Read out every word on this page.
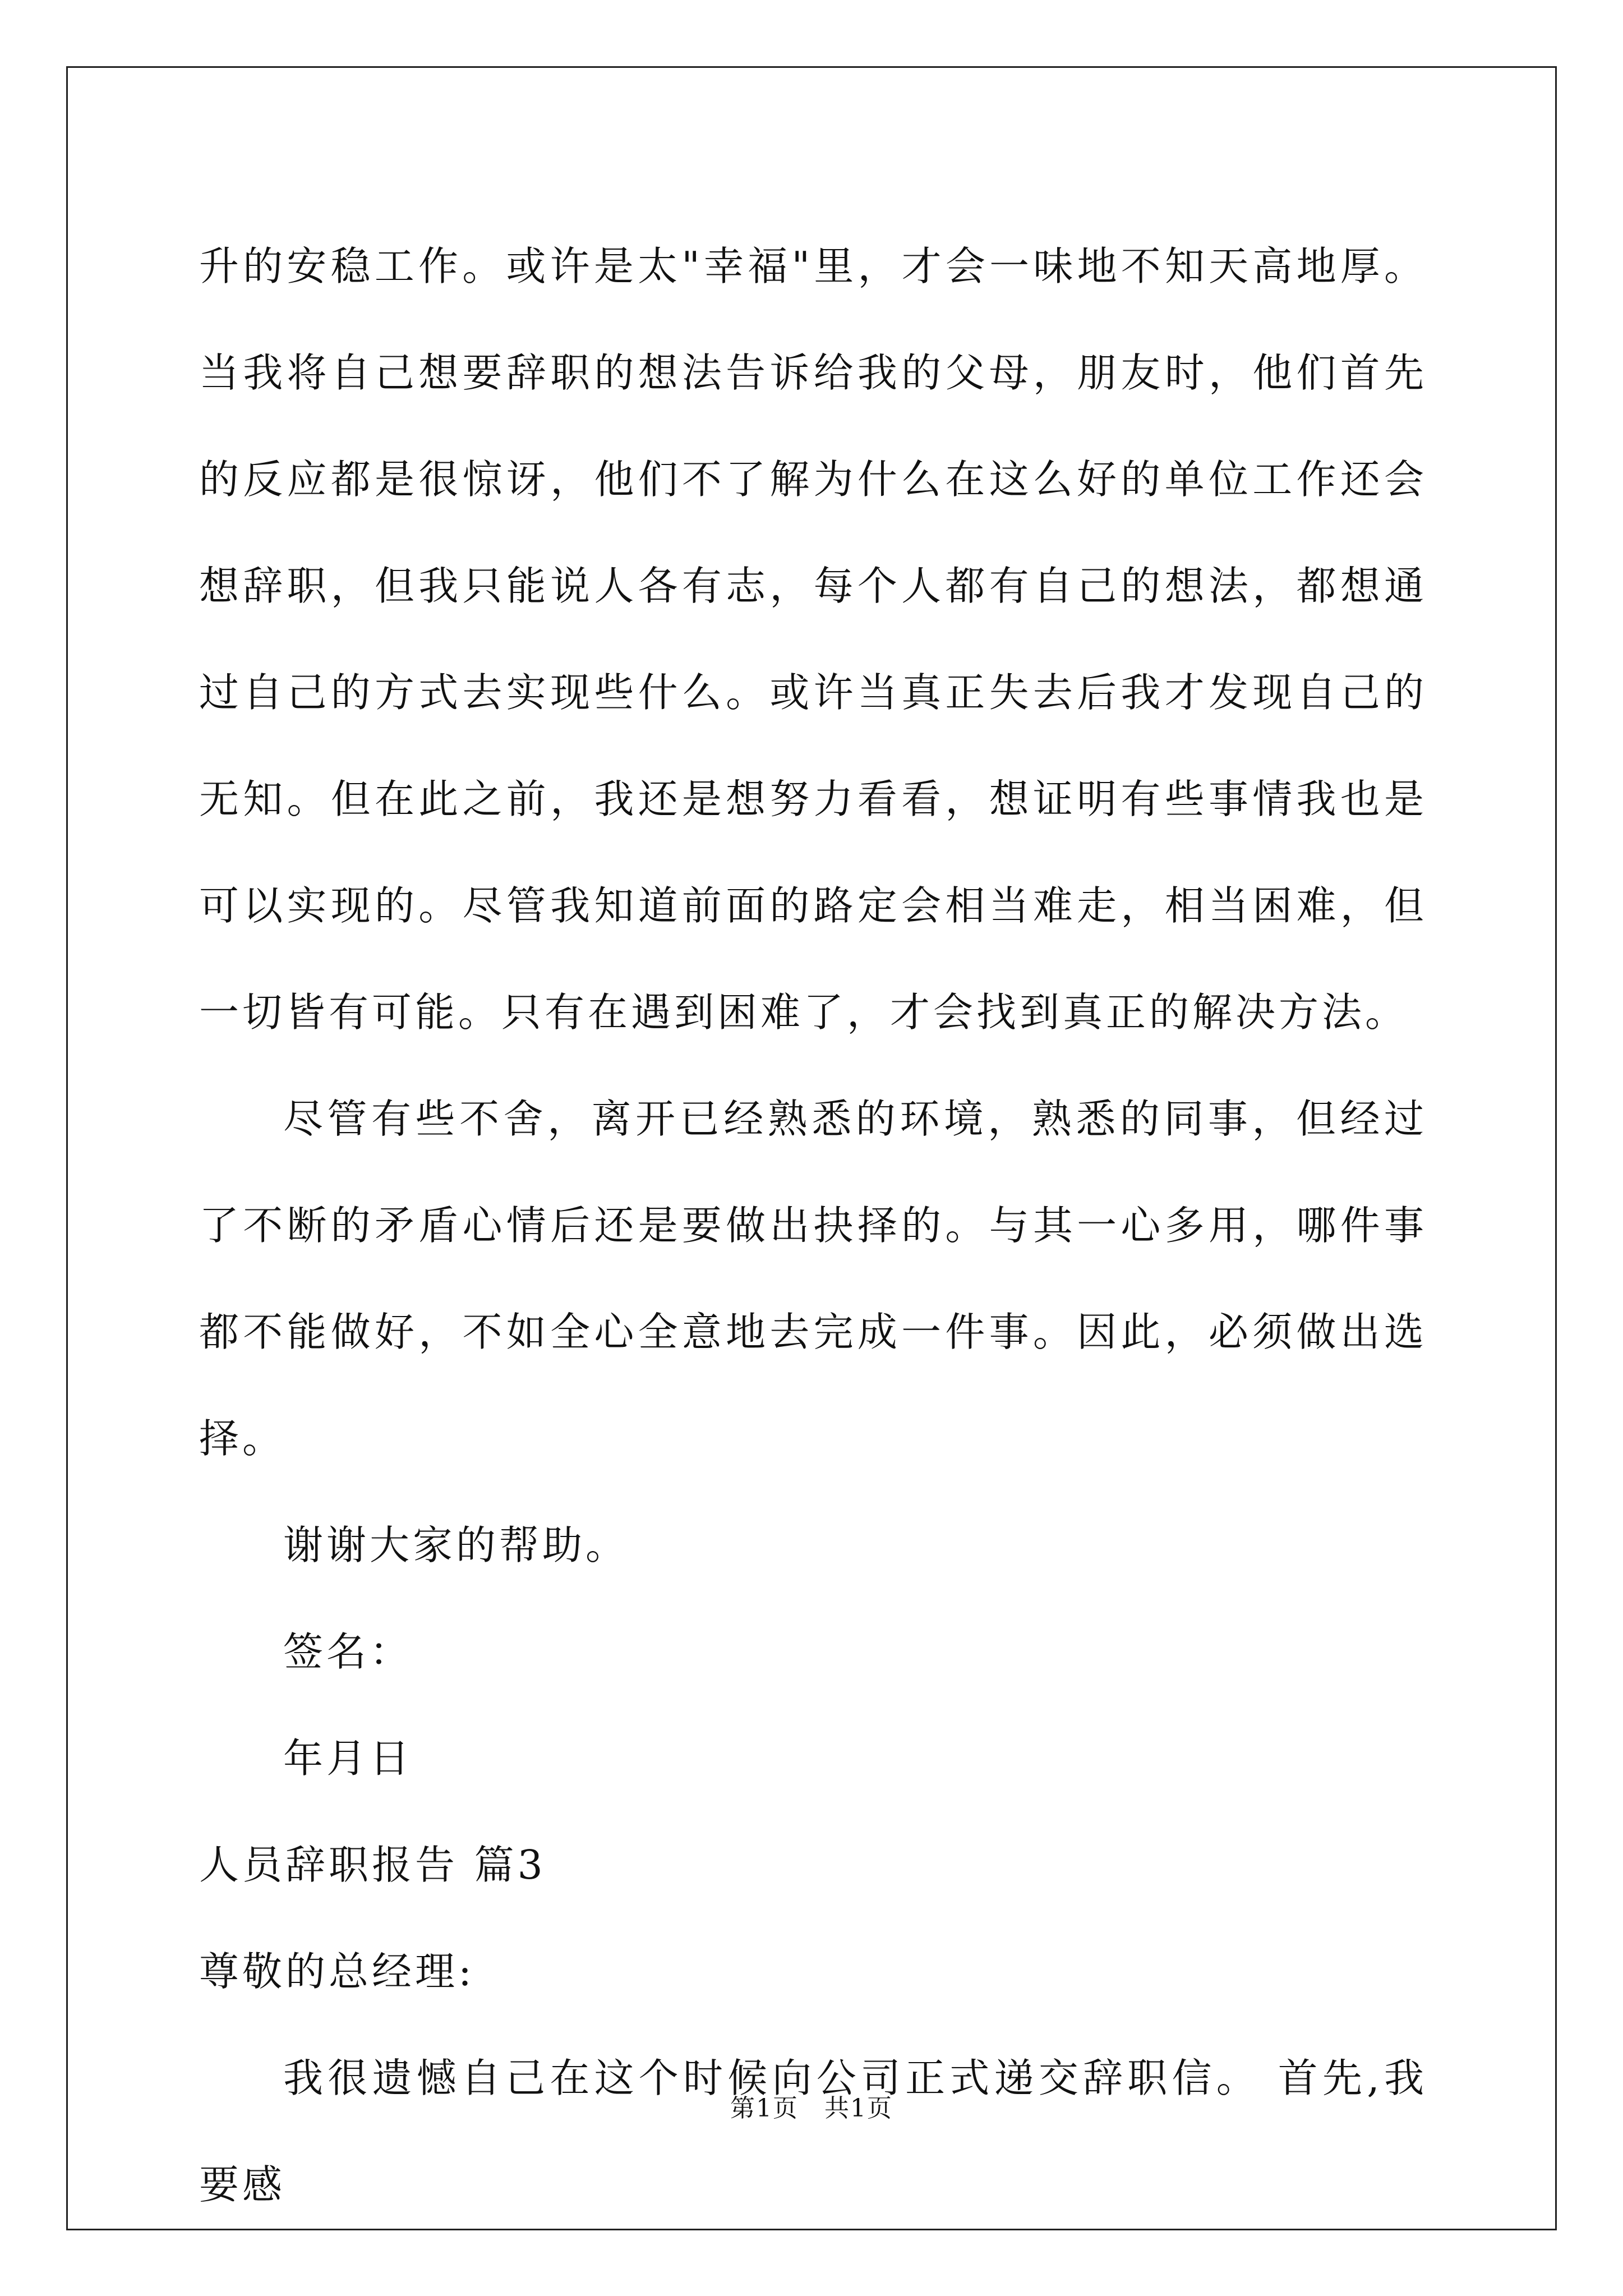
升的安稳工作。或许是太"幸福"里，才会一味地不知天高地厚。当我将自己想要辞职的想法告诉给我的父母，朋友时，他们首先的反应都是很惊讶，他们不了解为什么在这么好的单位工作还会想辞职，但我只能说人各有志，每个人都有自己的想法，都想通过自己的方式去实现些什么。或许当真正失去后我才发现自己的无知。但在此之前，我还是想努力看看，想证明有些事情我也是可以实现的。尽管我知道前面的路定会相当难走，相当困难，但一切皆有可能。只有在遇到困难了，才会找到真正的解决方法。

尽管有些不舍，离开已经熟悉的环境，熟悉的同事，但经过了不断的矛盾心情后还是要做出抉择的。与其一心多用，哪件事都不能做好，不如全心全意地去完成一件事。因此，必须做出选择。

谢谢大家的帮助。

签名：

年月日

人员辞职报告 篇3

尊敬的总经理:

我很遗憾自己在这个时候向公司正式递交辞职信。 首先,我要感

第1页　共1页
